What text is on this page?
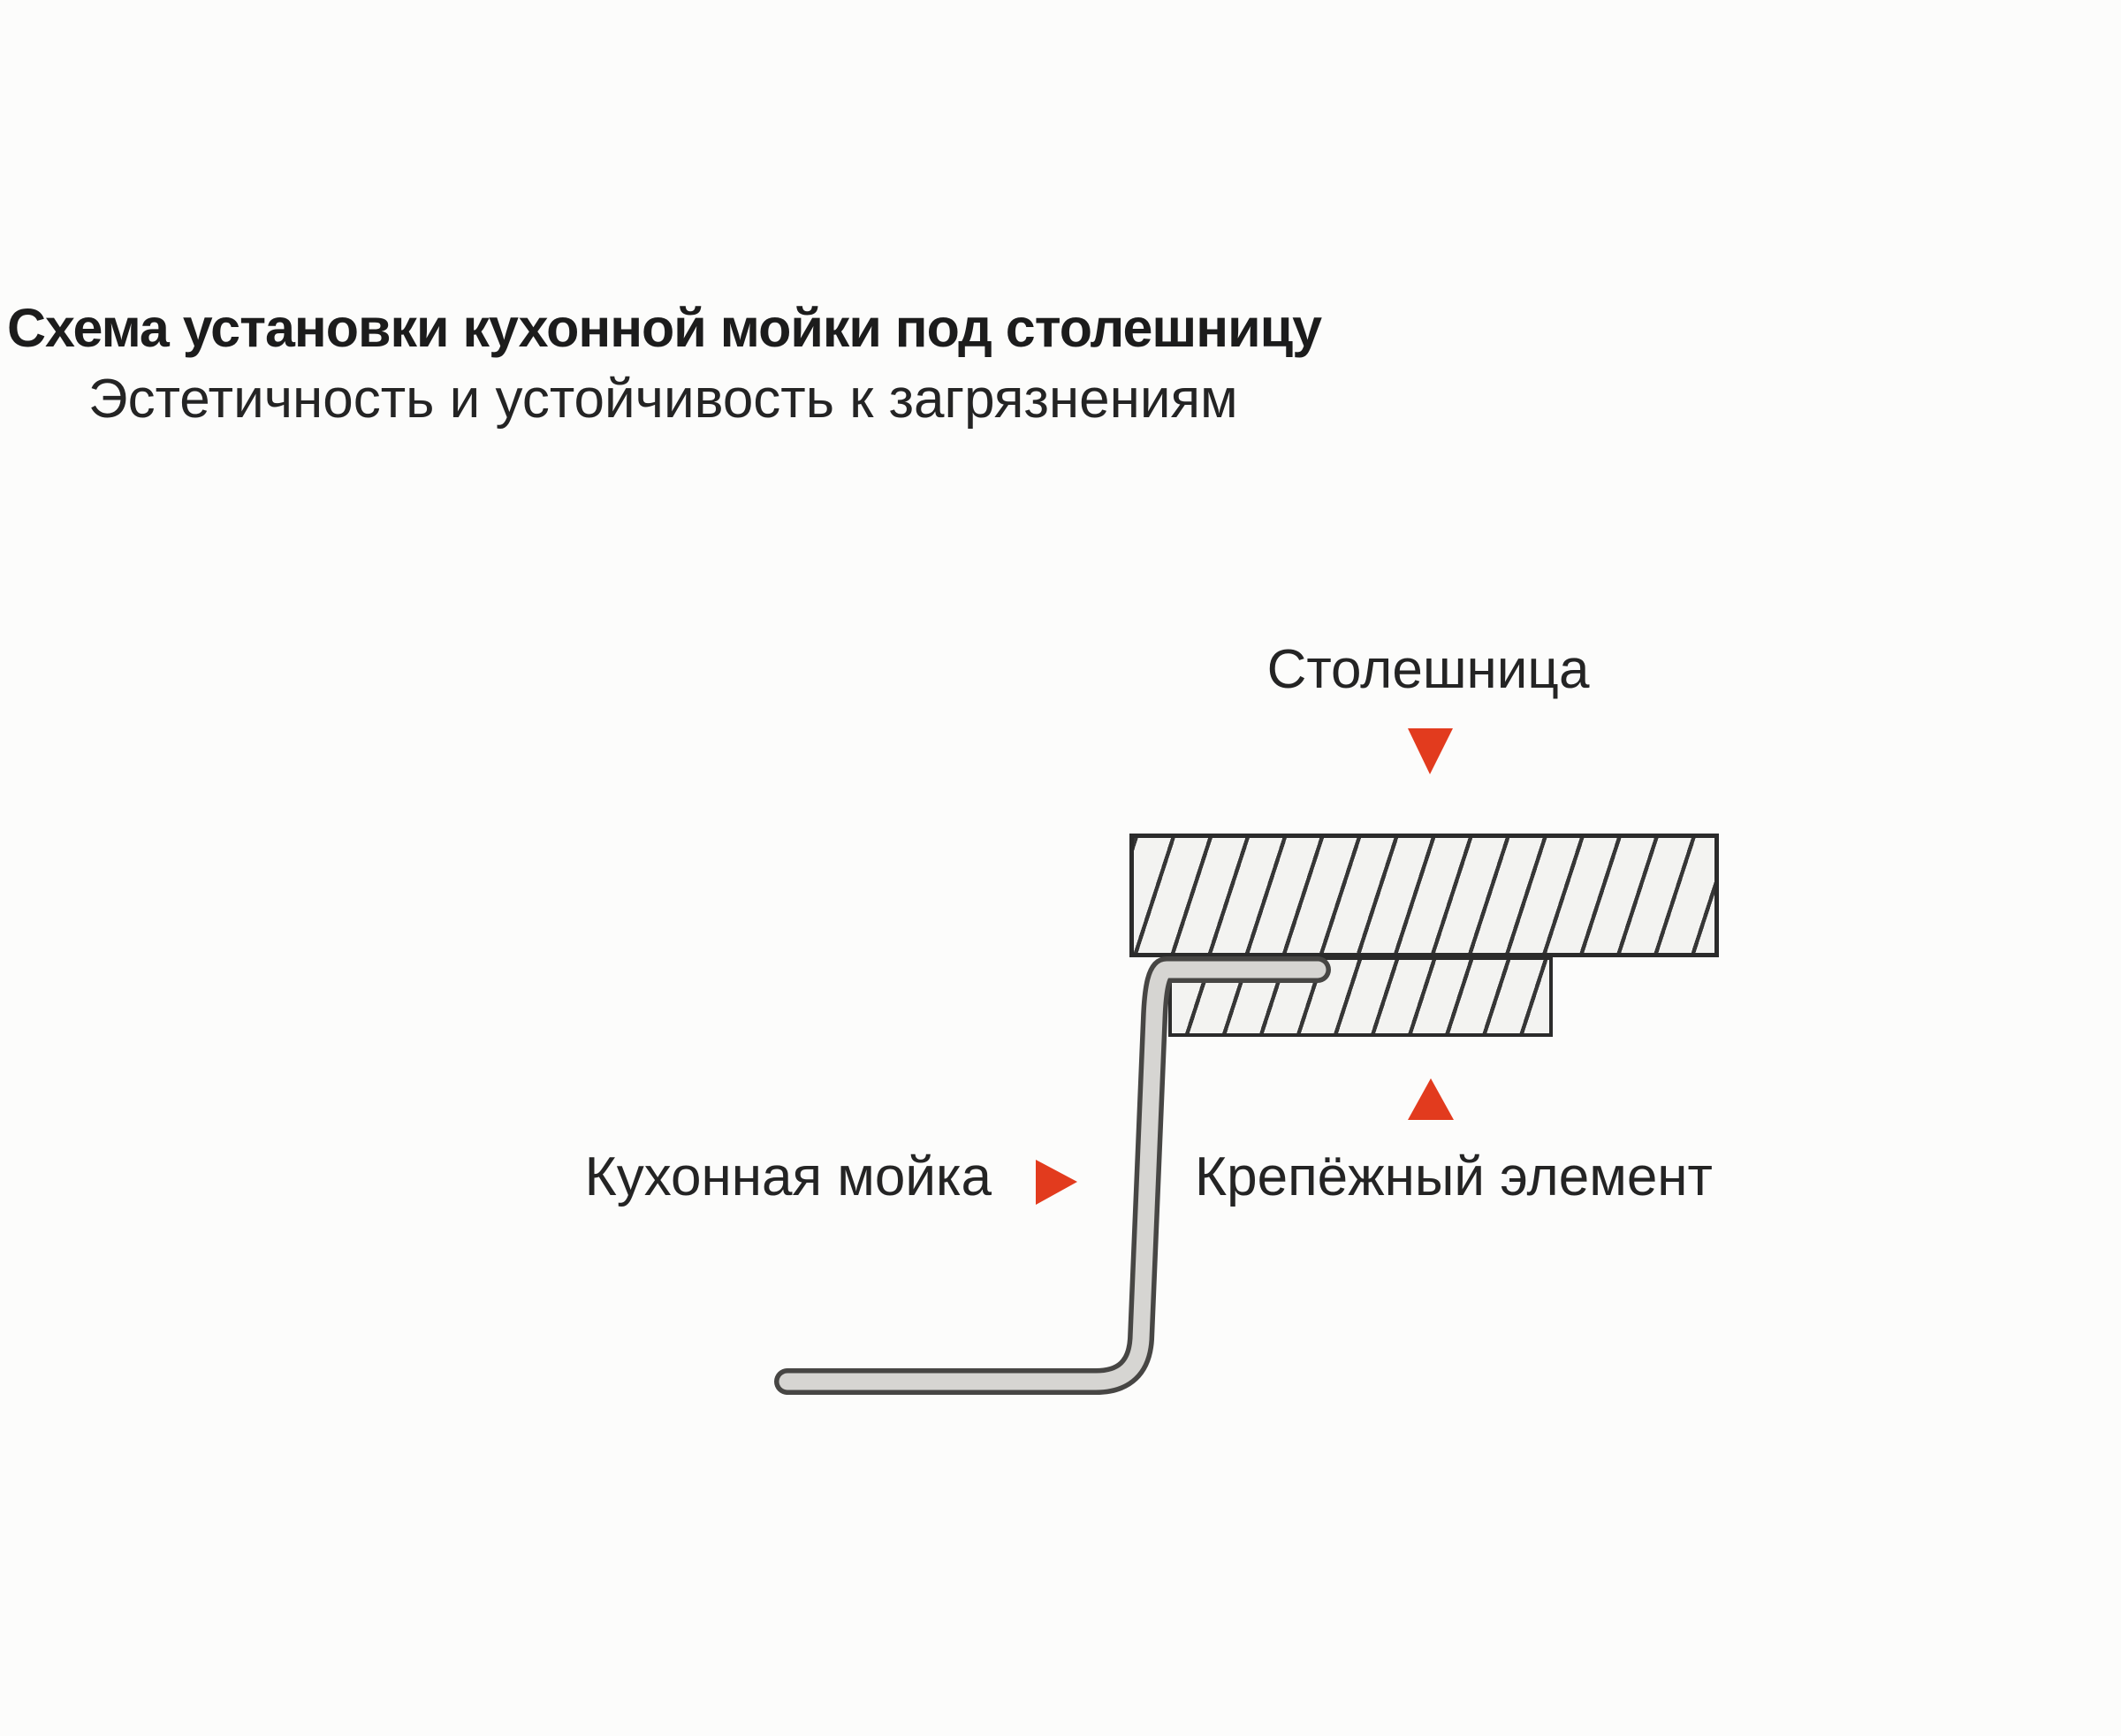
Схема установки кухонной мойки под столешницу
Эстетичность и устойчивость к загрязнениям
Столешница
Кухонная мойка	Крепёжный элемент
